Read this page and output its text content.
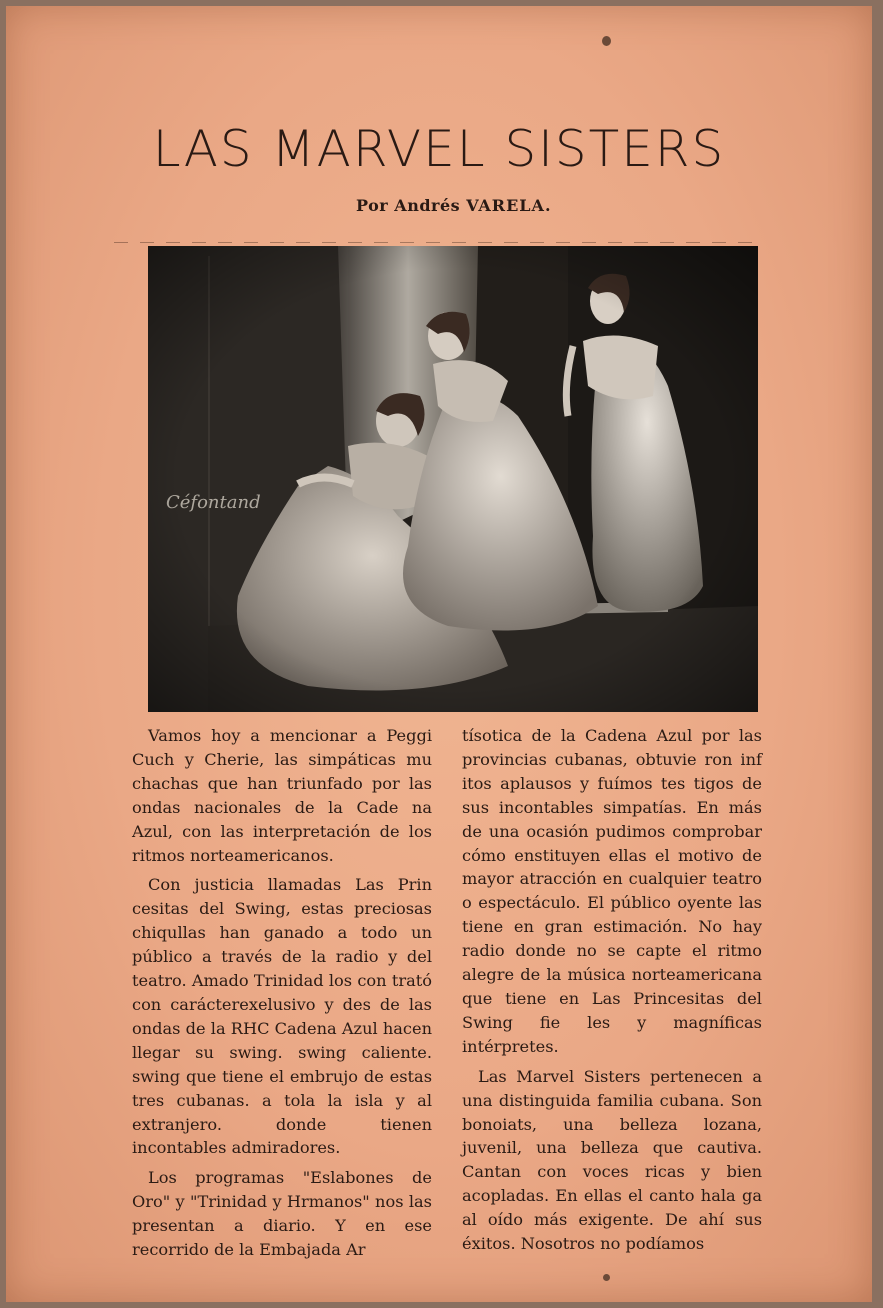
LAS MARVEL SISTERS
Por Andrés VARELA.

Vamos hoy a mencionar a Peggi Cuch y Cherie, las simpáticas mu chachas que han triunfado por las ondas nacionales de la Cade na Azul, con las interpretación de los ritmos norteamericanos.

Con justicia llamadas Las Prin cesitas del Swing, estas preciosas chiqullas han ganado a todo un público a través de la radio y del teatro. Amado Trinidad los con trató con carácterexelusivo y des de las ondas de la RHC Cadena Azul hacen llegar su swing. swing caliente. swing que tiene el embrujo de estas tres cubanas. a tola la isla y al extranjero. donde tienen incontables admiradores.

Los programas "Eslabones de Oro" y "Trinidad y Hrmanos" nos las presentan a diario. Y en ese recorrido de la Embajada Ar

tísotica de la Cadena Azul por las provincias cubanas, obtuvie ron inf itos aplausos y fuímos tes tigos de sus incontables simpatías. En más de una ocasión pudimos comprobar cómo enstituyen ellas el motivo de mayor atracción en cualquier teatro o espectáculo. El público oyente las tiene en gran estimación. No hay radio donde no se capte el ritmo alegre de la música norteamericana que tiene en Las Princesitas del Swing fie les y magníficas intérpretes.

Las Marvel Sisters pertenecen a una distinguida familia cubana. Son bonoiats, una belleza lozana, juvenil, una belleza que cautiva. Cantan con voces ricas y bien acopladas. En ellas el canto hala ga al oído más exigente. De ahí sus éxitos. Nosotros no podíamos
